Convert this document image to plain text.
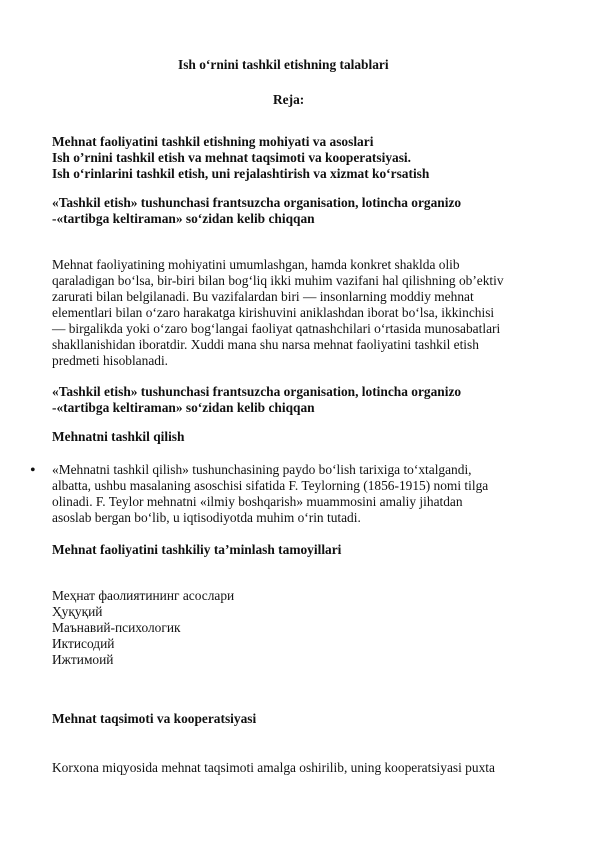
Ish o‘rnini tashkil etishning talablari
Reja:
Mehnat faoliyatini tashkil etishning mohiyati va asoslari
Ish o’rnini tashkil etish va mehnat taqsimoti va kooperatsiyasi.
Ish o‘rinlarini tashkil etish, uni rejalashtirish va xizmat ko‘rsatish
«Tashkil etish» tushunchasi frantsuzcha organisation, lotincha organizo
-«tartibga keltiraman» so‘zidan kelib chiqqan
Mehnat faoliyatining mohiyatini umumlashgan, hamda konkret shaklda olib
qaraladigan bo‘lsa, bir-biri bilan bog‘liq ikki muhim vazifani hal qilishning ob’ektiv
zarurati bilan belgilanadi. Bu vazifalardan biri — insonlarning moddiy mehnat
elementlari bilan o‘zaro harakatga kirishuvini aniklashdan iborat bo‘lsa, ikkinchisi
— birgalikda yoki o‘zaro bog‘langai faoliyat qatnashchilari o‘rtasida munosabatlari
shakllanishidan iboratdir. Xuddi mana shu narsa mehnat faoliyatini tashkil etish
predmeti hisoblanadi.
«Tashkil etish» tushunchasi frantsuzcha organisation, lotincha organizo
-«tartibga keltiraman» so‘zidan kelib chiqqan
Mehnatni tashkil qilish
• «Mehnatni tashkil qilish» tushunchasining paydo bo‘lish tarixiga to‘xtalgandi,
albatta, ushbu masalaning asoschisi sifatida F. Teylorning (1856-1915) nomi tilga
olinadi. F. Teylor mehnatni «ilmiy boshqarish» muammosini amaliy jihatdan
asoslab bergan bo‘lib, u iqtisodiyotda muhim o‘rin tutadi.
Mehnat faoliyatini tashkiliy ta’minlash tamoyillari
Меҳнат фаолиятининг асослари
Ҳуқуқий
Маънавий-психологик
Иктисодий
Ижтимоий
Mehnat taqsimoti va kooperatsiyasi
Korxona miqyosida mehnat taqsimoti amalga oshirilib, uning kooperatsiyasi puxta
